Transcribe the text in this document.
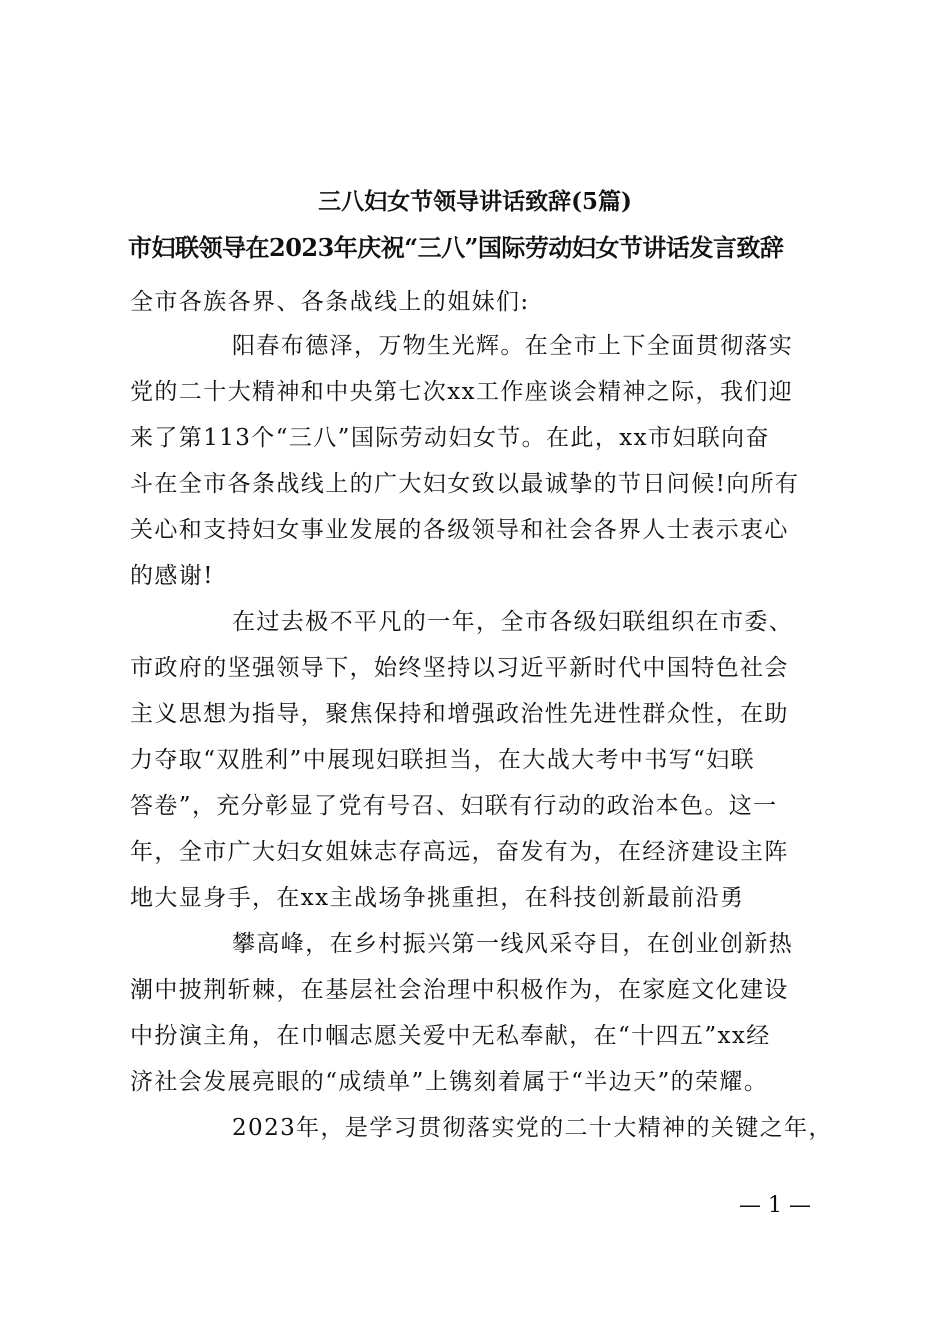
三八妇女节领导讲话致辞(5篇)
市妇联领导在2023年庆祝“三八”国际劳动妇女节讲话发言致辞
全市各族各界、各条战线上的姐妹们:
阳春布德泽，万物生光辉。在全市上下全面贯彻落实
党的二十大精神和中央第七次xx工作座谈会精神之际，我们迎
来了第113个“三八”国际劳动妇女节。在此，xx市妇联向奋
斗在全市各条战线上的广大妇女致以最诚挚的节日问候!向所有
关心和支持妇女事业发展的各级领导和社会各界人士表示衷心
的感谢!
在过去极不平凡的一年，全市各级妇联组织在市委、
市政府的坚强领导下，始终坚持以习近平新时代中国特色社会
主义思想为指导，聚焦保持和增强政治性先进性群众性，在助
力夺取“双胜利”中展现妇联担当，在大战大考中书写“妇联
答卷”，充分彰显了党有号召、妇联有行动的政治本色。这一
年，全市广大妇女姐妹志存高远，奋发有为，在经济建设主阵
地大显身手，在xx主战场争挑重担，在科技创新最前沿勇
攀高峰，在乡村振兴第一线风采夺目，在创业创新热
潮中披荆斩棘，在基层社会治理中积极作为，在家庭文化建设
中扮演主角，在巾帼志愿关爱中无私奉献，在“十四五”xx经
济社会发展亮眼的“成绩单”上镌刻着属于“半边天”的荣耀。
2023年，是学习贯彻落实党的二十大精神的关键之年，
— 1 —
